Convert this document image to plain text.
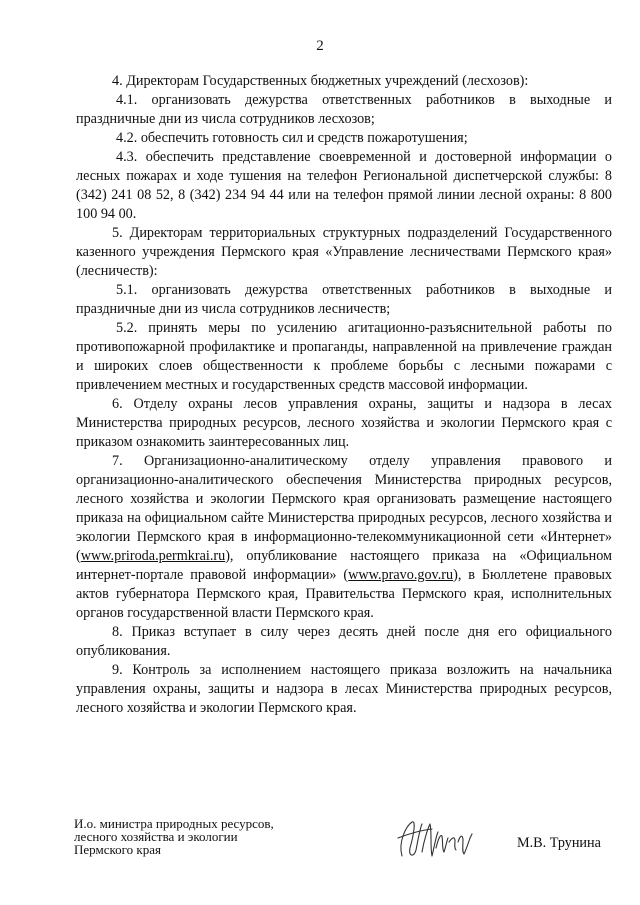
2

4. Директорам Государственных бюджетных учреждений (лесхозов):

4.1. организовать дежурства ответственных работников в выходные и праздничные дни из числа сотрудников лесхозов;

4.2. обеспечить готовность сил и средств пожаротушения;

4.3. обеспечить представление своевременной и достоверной информации о лесных пожарах и ходе тушения на телефон Региональной диспетчерской службы: 8 (342) 241 08 52, 8 (342) 234 94 44 или на телефон прямой линии лесной охраны: 8 800 100 94 00.

5. Директорам территориальных структурных подразделений Государственного казенного учреждения Пермского края «Управление лесничествами Пермского края» (лесничеств):

5.1. организовать дежурства ответственных работников в выходные и праздничные дни из числа сотрудников лесничеств;

5.2. принять меры по усилению агитационно-разъяснительной работы по противопожарной профилактике и пропаганды, направленной на привлечение граждан и широких слоев общественности к проблеме борьбы с лесными пожарами с привлечением местных и государственных средств массовой информации.

6. Отделу охраны лесов управления охраны, защиты и надзора в лесах Министерства природных ресурсов, лесного хозяйства и экологии Пермского края с приказом ознакомить заинтересованных лиц.

7. Организационно-аналитическому отделу управления правового и организационно-аналитического обеспечения Министерства природных ресурсов, лесного хозяйства и экологии Пермского края организовать размещение настоящего приказа на официальном сайте Министерства природных ресурсов, лесного хозяйства и экологии Пермского края в информационно-телекоммуникационной сети «Интернет» (www.priroda.permkrai.ru), опубликование настоящего приказа на «Официальном интернет-портале правовой информации» (www.pravo.gov.ru), в Бюллетене правовых актов губернатора Пермского края, Правительства Пермского края, исполнительных органов государственной власти Пермского края.

8. Приказ вступает в силу через десять дней после дня его официального опубликования.

9. Контроль за исполнением настоящего приказа возложить на начальника управления охраны, защиты и надзора в лесах Министерства природных ресурсов, лесного хозяйства и экологии Пермского края.

И.о. министра природных ресурсов,
лесного хозяйства и экологии
Пермского края	М.В. Трунина
